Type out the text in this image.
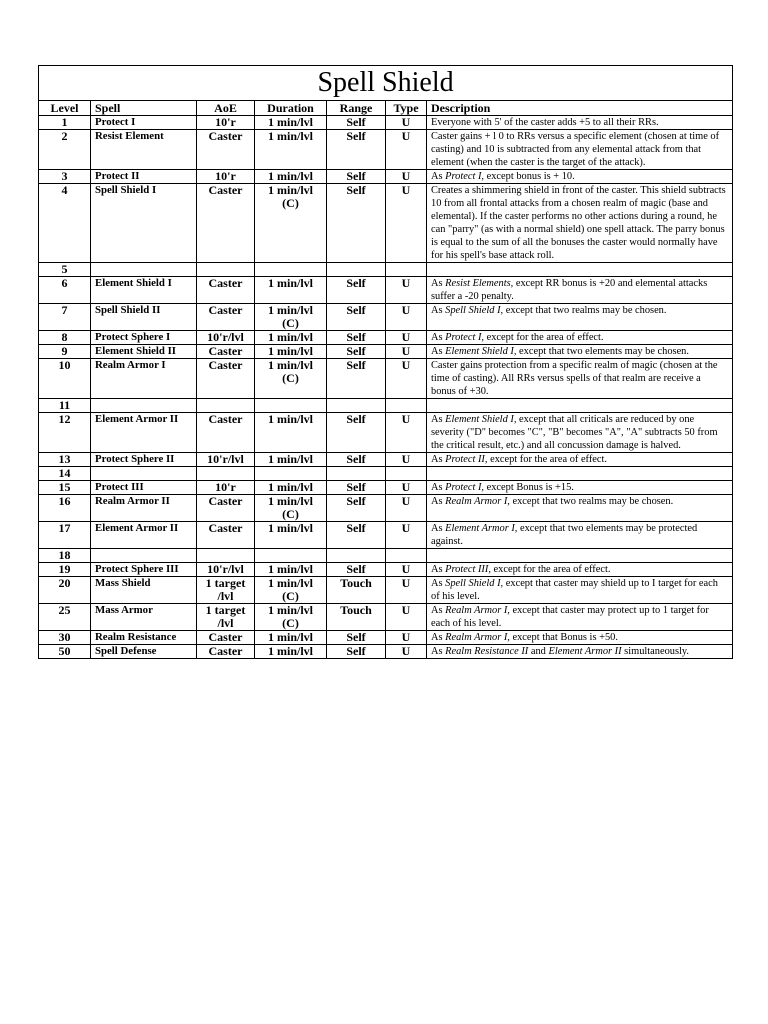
Spell Shield						
Level	Spell	AoE	Duration	Range	Type	Description
1	Protect I	10'r	1 min/lvl	Self	U	Everyone with 5' of the caster adds +5 to all their RRs.
2	Resist Element	Caster	1 min/lvl	Self	U	Caster gains + l 0 to RRs versus a specific element (chosen at time of casting) and 10 is subtracted from any elemental attack from that element (when the caster is the target of the attack).
3	Protect II	10'r	1 min/lvl	Self	U	As Protect I, except bonus is + 10.
4	Spell Shield I	Caster	1 min/lvl (C)	Self	U	Creates a shimmering shield in front of the caster. This shield subtracts 10 from all frontal attacks from a chosen realm of magic (base and elemental). If the caster performs no other actions during a round, he can "parry" (as with a normal shield) one spell attack. The parry bonus is equal to the sum of all the bonuses the caster would normally have for his spell's base attack roll.
5						
6	Element Shield I	Caster	1 min/lvl	Self	U	As Resist Elements, except RR bonus is +20 and elemental attacks suffer a -20 penalty.
7	Spell Shield II	Caster	1 min/lvl (C)	Self	U	As Spell Shield I, except that two realms may be chosen.
8	Protect Sphere I	10'r/lvl	1 min/lvl	Self	U	As Protect I, except for the area of effect.
9	Element Shield II	Caster	1 min/lvl	Self	U	As Element Shield I, except that two elements may be chosen.
10	Realm Armor I	Caster	1 min/lvl (C)	Self	U	Caster gains protection from a specific realm of magic (chosen at the time of casting). All RRs versus spells of that realm are receive a bonus of +30.
11						
12	Element Armor II	Caster	1 min/lvl	Self	U	As Element Shield I, except that all criticals are reduced by one severity ("D" becomes "C", "B" becomes "A", "A" subtracts 50 from the critical result, etc.) and all concussion damage is halved.
13	Protect Sphere II	10'r/lvl	1 min/lvl	Self	U	As Protect II, except for the area of effect.
14						
15	Protect III	10'r	1 min/lvl	Self	U	As Protect I, except Bonus is +15.
16	Realm Armor II	Caster	1 min/lvl (C)	Self	U	As Realm Armor I, except that two realms may be chosen.
17	Element Armor II	Caster	1 min/lvl	Self	U	As Element Armor I, except that two elements may be protected against.
18						
19	Protect Sphere III	10'r/lvl	1 min/lvl	Self	U	As Protect III, except for the area of effect.
20	Mass Shield	1 target /lvl	1 min/lvl (C)	Touch	U	As Spell Shield I, except that caster may shield up to I target for each of his level.
25	Mass Armor	1 target /lvl	1 min/lvl (C)	Touch	U	As Realm Armor I, except that caster may protect up to 1 target for each of his level.
30	Realm Resistance	Caster	1 min/lvl	Self	U	As Realm Armor I, except that Bonus is +50.
50	Spell Defense	Caster	1 min/lvl	Self	U	As Realm Resistance II and Element Armor II simultaneously.
